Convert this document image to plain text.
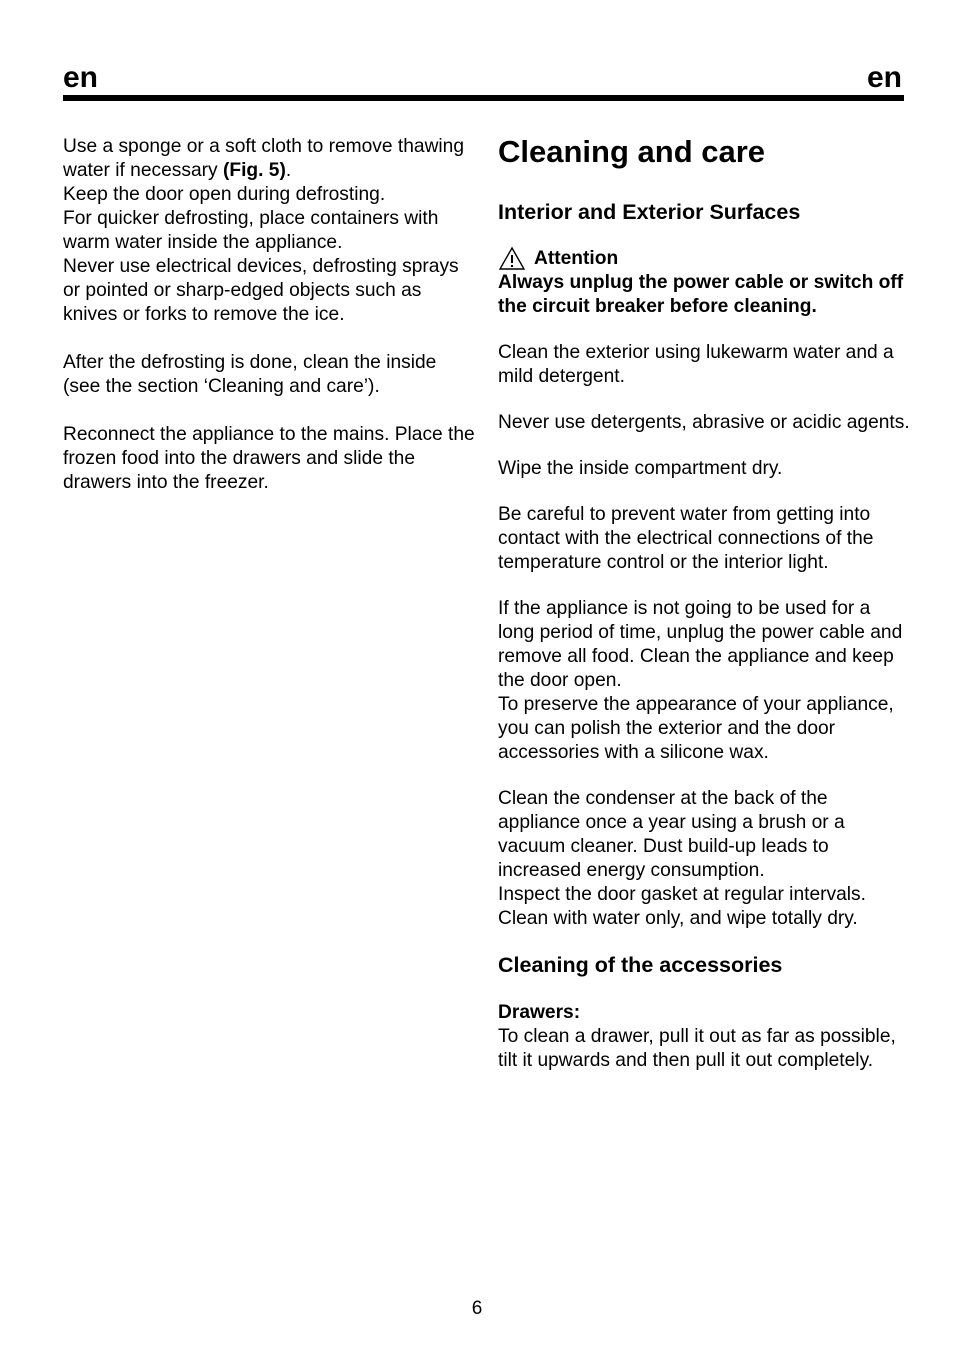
en	en

Use a sponge or a soft cloth to remove thawing
water if necessary (Fig. 5).
Keep the door open during defrosting.
For quicker defrosting, place containers with warm water inside the appliance.
Never use electrical devices, defrosting sprays or pointed or sharp-edged objects such as knives or forks to remove the ice.

After the defrosting is done, clean the inside (see the section ‘Cleaning and care’).

Reconnect the appliance to the mains. Place the frozen food into the drawers and slide the drawers into the freezer.

Cleaning and care
Interior and Exterior Surfaces
Attention

Always unplug the power cable or switch off the circuit breaker before cleaning.

Clean the exterior using lukewarm water and a mild detergent.

Never use detergents, abrasive or acidic agents.

Wipe the inside compartment dry.

Be careful to prevent water from getting into contact with the electrical connections of the temperature control or the interior light.

If the appliance is not going to be used for a long period of time, unplug the power cable and remove all food. Clean the appliance and keep the door open.
To preserve the appearance of your appliance, you can polish the exterior and the door accessories with a silicone wax.

Clean the condenser at the back of the appliance once a year using a brush or a vacuum cleaner. Dust build-up leads to increased energy consumption.
Inspect the door gasket at regular intervals. Clean with water only, and wipe totally dry.

Cleaning of the accessories

Drawers:

To clean a drawer, pull it out as far as possible, tilt it upwards and then pull it out completely.

6
